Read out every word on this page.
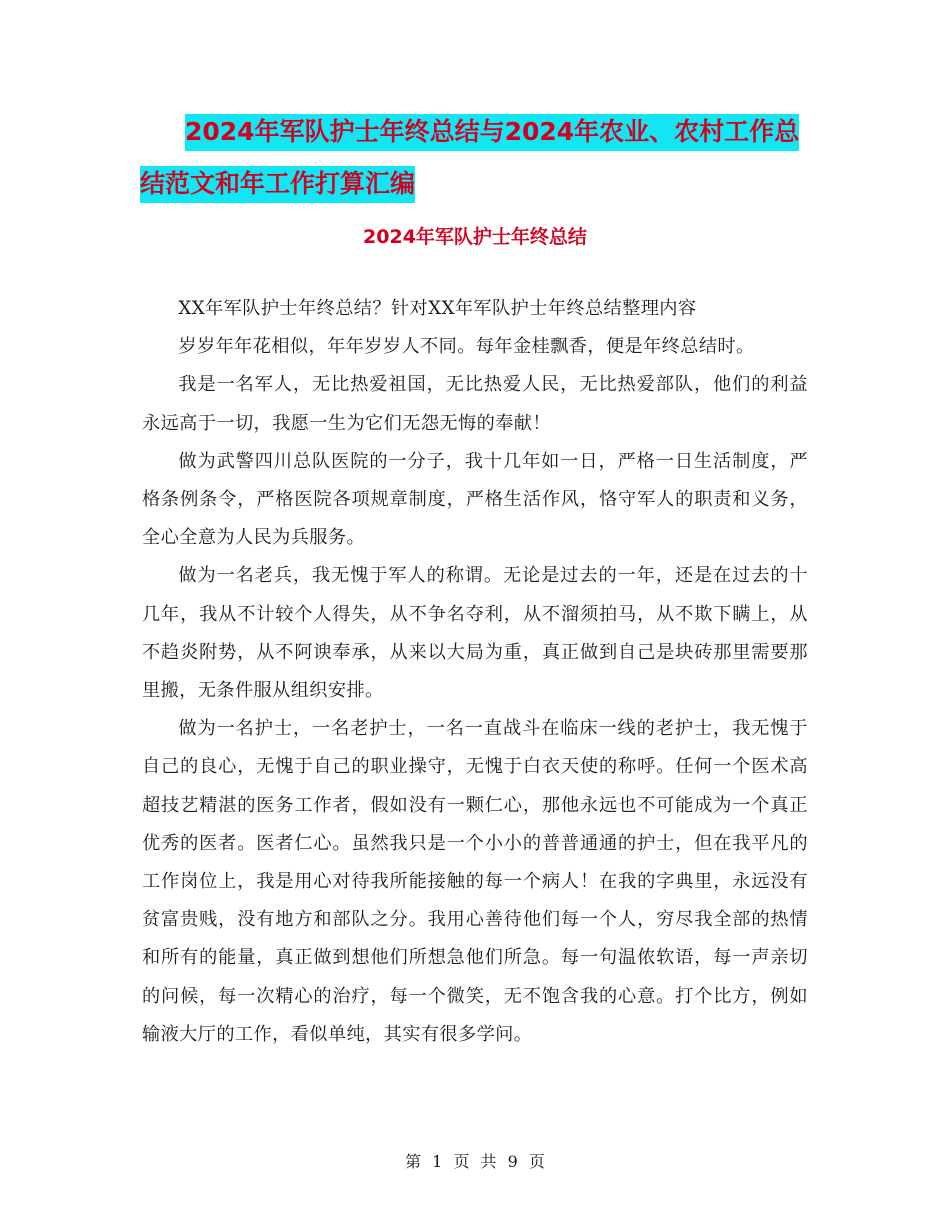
2024年军队护士年终总结与2024年农业、农村工作总
结范文和年工作打算汇编
2024年军队护士年终总结

XX年军队护士年终总结？针对XX年军队护士年终总结整理内容

岁岁年年花相似，年年岁岁人不同。每年金桂飘香，便是年终总结时。

我是一名军人，无比热爱祖国，无比热爱人民，无比热爱部队，他们的利益永远高于一切，我愿一生为它们无怨无悔的奉献！

做为武警四川总队医院的一分子，我十几年如一日，严格一日生活制度，严格条例条令，严格医院各项规章制度，严格生活作风，恪守军人的职责和义务，全心全意为人民为兵服务。

做为一名老兵，我无愧于军人的称谓。无论是过去的一年，还是在过去的十几年，我从不计较个人得失，从不争名夺利，从不溜须拍马，从不欺下瞒上，从不趋炎附势，从不阿谀奉承，从来以大局为重，真正做到自己是块砖那里需要那里搬，无条件服从组织安排。

做为一名护士，一名老护士，一名一直战斗在临床一线的老护士，我无愧于自己的良心，无愧于自己的职业操守，无愧于白衣天使的称呼。任何一个医术高超技艺精湛的医务工作者，假如没有一颗仁心，那他永远也不可能成为一个真正优秀的医者。医者仁心。虽然我只是一个小小的普普通通的护士，但在我平凡的工作岗位上，我是用心对待我所能接触的每一个病人！在我的字典里，永远没有贫富贵贱，没有地方和部队之分。我用心善待他们每一个人，穷尽我全部的热情和所有的能量，真正做到想他们所想急他们所急。每一句温侬软语，每一声亲切的问候，每一次精心的治疗，每一个微笑，无不饱含我的心意。打个比方，例如输液大厅的工作，看似单纯，其实有很多学问。

第 1 页 共 9 页
